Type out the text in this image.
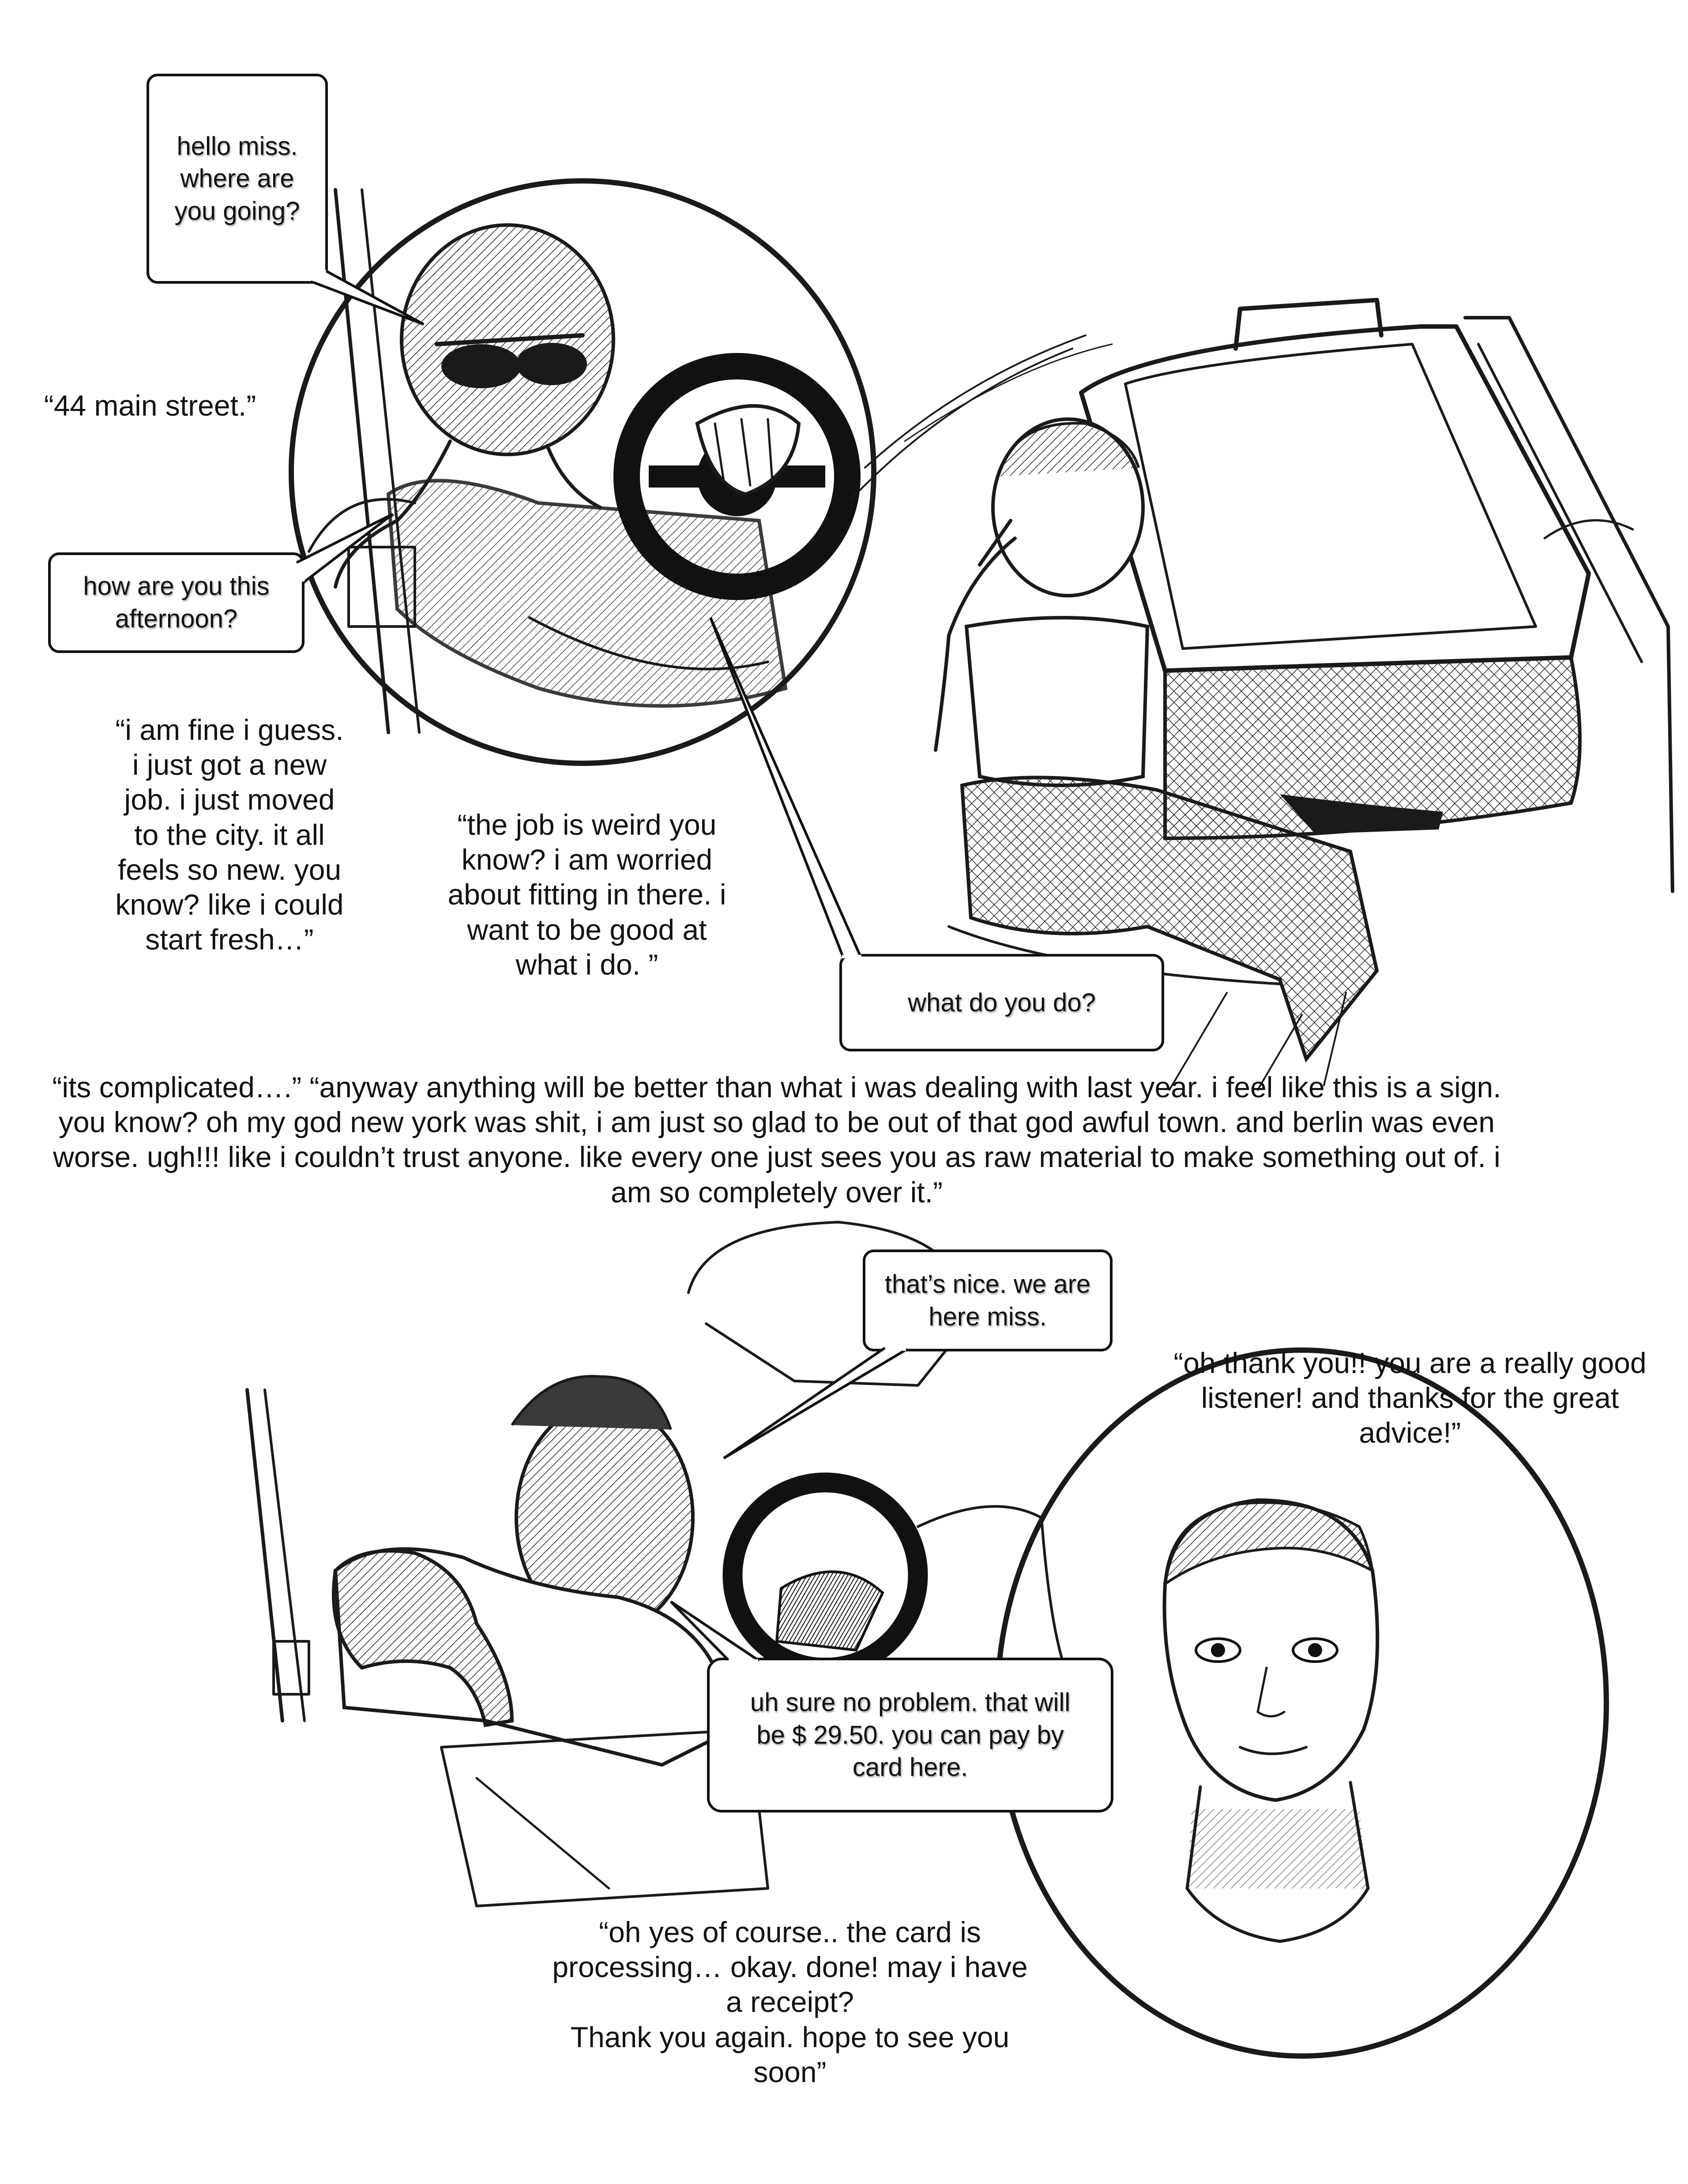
hello miss.
where are
you going?
how are you this
afternoon?
what do you do?
that’s nice. we are
here miss.
uh sure no problem. that will
be $ 29.50. you can pay by
card here.
“44 main street.”
“i am fine i guess.
i just got a new
job. i just moved
to the city. it all
feels so new. you
know? like i could
start fresh…”
“the job is weird you
know? i am worried
about fitting in there. i
want to be good at
what i do. ”
“its complicated….” “anyway anything will be better than what i was dealing with last year. i feel like this is a sign.
you know? oh my god new york was shit, i am just so glad to be out of that god awful town. and berlin was even
worse. ugh!!! like i couldn’t trust anyone. like every one just sees you as raw material to make something out of. i
am so completely over it.”
“oh thank you!! you are a really good
listener! and thanks for the great
advice!”
“oh yes of course.. the card is
processing… okay. done! may i have
a receipt?
Thank you again. hope to see you
soon”
